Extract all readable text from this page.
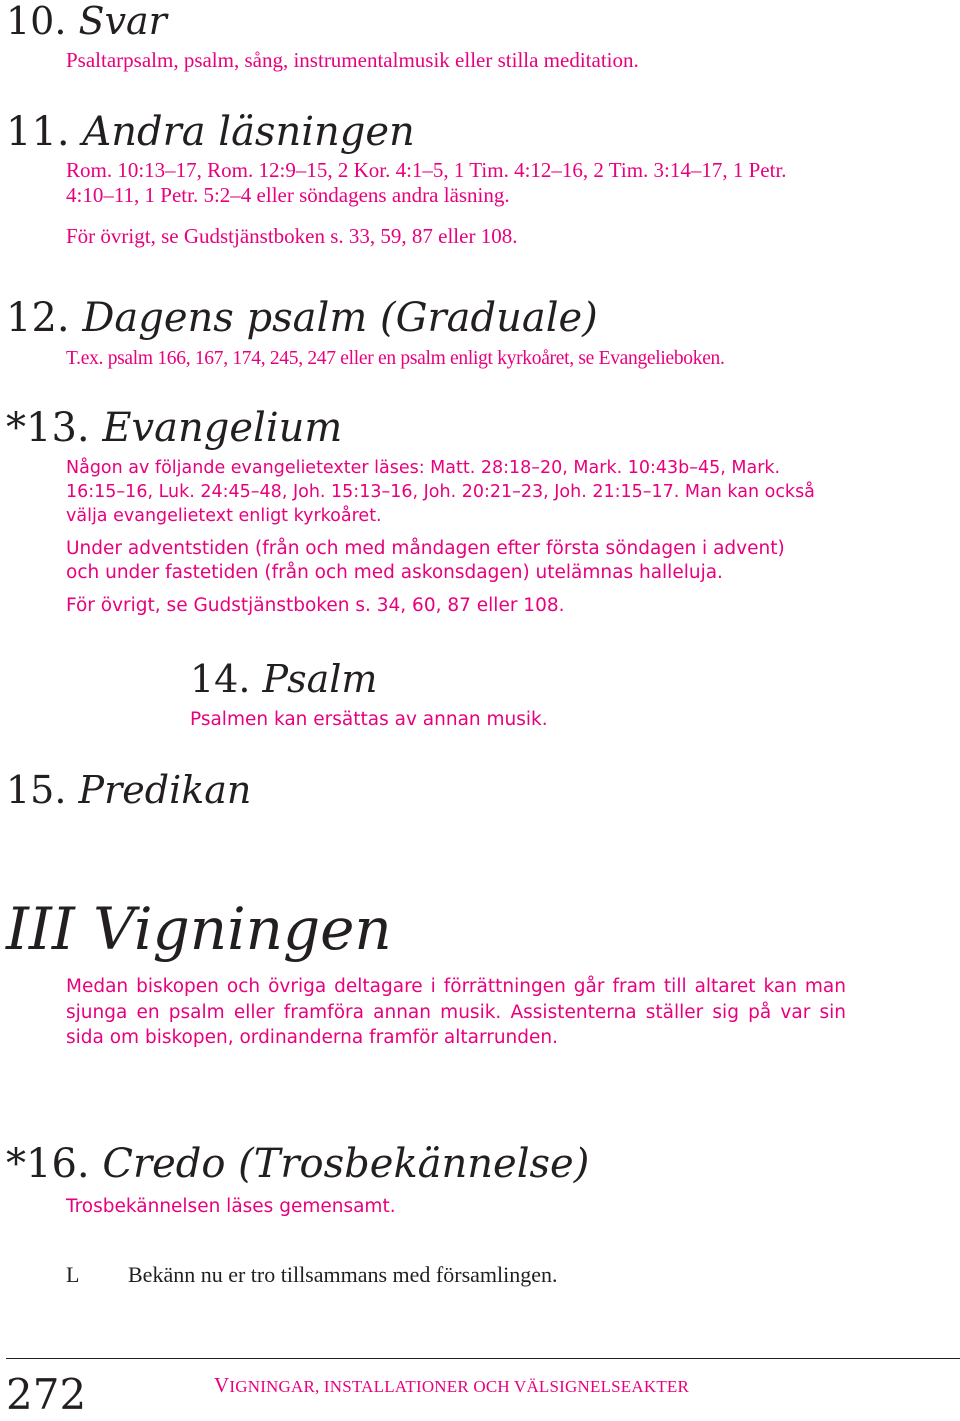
10. Svar
Psaltarpsalm, psalm, sång, instrumentalmusik eller stilla meditation.
11. Andra läsningen
Rom. 10:13–17, Rom. 12:9–15, 2 Kor. 4:1–5, 1 Tim. 4:12–16, 2 Tim. 3:14–17, 1 Petr.
4:10–11, 1 Petr. 5:2–4 eller söndagens andra läsning.
För övrigt, se Gudstjänstboken s. 33, 59, 87 eller 108.
12. Dagens psalm (Graduale)
T.ex. psalm 166, 167, 174, 245, 247 eller en psalm enligt kyrkoåret, se Evangelieboken.
*13. Evangelium
Någon av följande evangelietexter läses: Matt. 28:18–20, Mark. 10:43b–45, Mark.
16:15–16, Luk. 24:45–48, Joh. 15:13–16, Joh. 20:21–23, Joh. 21:15–17. Man kan också
välja evangelietext enligt kyrkoåret.
Under adventstiden (från och med måndagen efter första söndagen i advent)
och under fastetiden (från och med askonsdagen) utelämnas halleluja.
För övrigt, se Gudstjänstboken s. 34, 60, 87 eller 108.
14. Psalm
Psalmen kan ersättas av annan musik.
15. Predikan
III Vigningen
Medan biskopen och övriga deltagare i förrättningen går fram till altaret kan man sjunga en psalm eller framföra annan musik. Assistenterna ställer sig på var sin sida om biskopen, ordinanderna framför altarrunden.
*16. Credo (Trosbekännelse)
Trosbekännelsen läses gemensamt.
L Bekänn nu er tro tillsammans med församlingen.
272	VIGNINGAR, INSTALLATIONER OCH VÄLSIGNELSEAKTER
